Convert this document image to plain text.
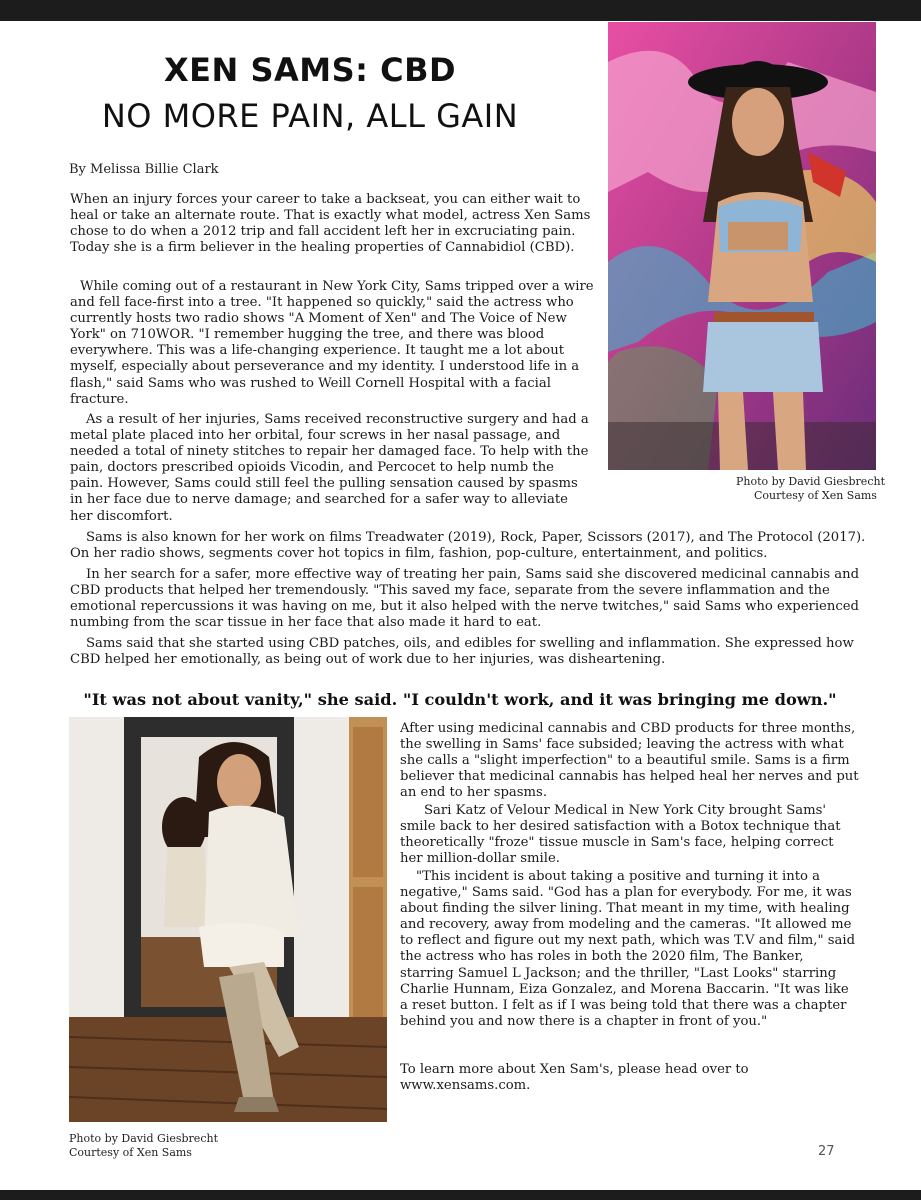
XEN SAMS: CBD
NO MORE PAIN, ALL GAIN
By Melissa Billie Clark

When an injury forces your career to take a backseat, you can either wait to heal or take an alternate route. That is exactly what model, actress Xen Sams chose to do when a 2012 trip and fall accident left her in excruciating pain. Today she is a firm believer in the healing properties of Cannabidiol (CBD).

While coming out of a restaurant in New York City, Sams tripped over a wire and fell face-first into a tree. "It happened so quickly," said the actress who currently hosts two radio shows "A Moment of Xen" and The Voice of New York" on 710WOR. "I remember hugging the tree, and there was blood everywhere. This was a life-changing experience. It taught me a lot about myself, especially about perseverance and my identity. I understood life in a flash," said Sams who was rushed to Weill Cornell Hospital with a facial fracture.

As a result of her injuries, Sams received reconstructive surgery and had a metal plate placed into her orbital, four screws in her nasal passage, and needed a total of ninety stitches to repair her damaged face. To help with the pain, doctors prescribed opioids Vicodin, and Percocet to help numb the pain. However, Sams could still feel the pulling sensation caused by spasms in her face due to nerve damage; and searched for a safer way to alleviate her discomfort.

Sams is also known for her work on films Treadwater (2019), Rock, Paper, Scissors (2017), and The Protocol (2017). On her radio shows, segments cover hot topics in film, fashion, pop-culture, entertainment, and politics.

In her search for a safer, more effective way of treating her pain, Sams said she discovered medicinal cannabis and CBD products that helped her tremendously. "This saved my face, separate from the severe inflammation and the emotional repercussions it was having on me, but it also helped with the nerve twitches," said Sams who experienced numbing from the scar tissue in her face that also made it hard to eat.

Sams said that she started using CBD patches, oils, and edibles for swelling and inflammation. She expressed how CBD helped her emotionally, as being out of work due to her injuries, was disheartening.

"It was not about vanity," she said. "I couldn't work, and it was bringing me down."

After using medicinal cannabis and CBD products for three months, the swelling in Sams' face subsided; leaving the actress with what she calls a "slight imperfection" to a beautiful smile. Sams is a firm believer that medicinal cannabis has helped heal her nerves and put an end to her spasms.

Sari Katz of Velour Medical in New York City brought Sams' smile back to her desired satisfaction with a Botox technique that theoretically "froze" tissue muscle in Sam's face, helping correct her million-dollar smile.

"This incident is about taking a positive and turning it into a negative," Sams said. "God has a plan for everybody. For me, it was about finding the silver lining. That meant in my time, with healing and recovery, away from modeling and the cameras. "It allowed me to reflect and figure out my next path, which was T.V and film," said the actress who has roles in both the 2020 film, The Banker, starring Samuel L Jackson; and the thriller, "Last Looks" starring Charlie Hunnam, Eiza Gonzalez, and Morena Baccarin. "It was like a reset button. I felt as if I was being told that there was a chapter behind you and now there is a chapter in front of you."

To learn more about Xen Sam's, please head over to www.xensams.com.

Photo by David Giesbrecht
Courtesy of Xen Sams
Photo by David Giesbrecht
Courtesy of Xen Sams	27
